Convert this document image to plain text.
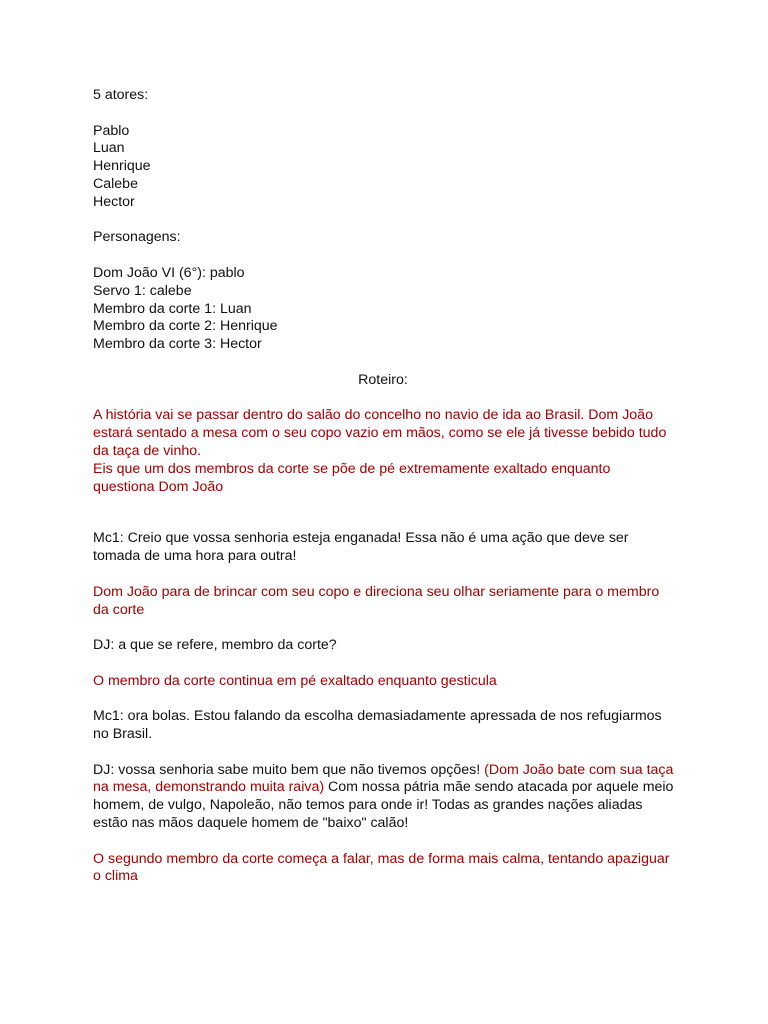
5 atores:

Pablo

Luan

Henrique

Calebe

Hector

Personagens:

Dom João VI (6°): pablo

Servo 1: calebe

Membro da corte 1: Luan

Membro da corte 2: Henrique

Membro da corte 3: Hector

Roteiro:

A história vai se passar dentro do salão do concelho no navio de ida ao Brasil. Dom João
estará sentado a mesa com o seu copo vazio em mãos, como se ele já tivesse bebido tudo
da taça de vinho.
Eis que um dos membros da corte se põe de pé extremamente exaltado enquanto
questiona Dom João
Mc1: Creio que vossa senhoria esteja enganada! Essa não é uma ação que deve ser
tomada de uma hora para outra!
Dom João para de brincar com seu copo e direciona seu olhar seriamente para o membro
da corte

DJ: a que se refere, membro da corte?

O membro da corte continua em pé exaltado enquanto gesticula

Mc1: ora bolas. Estou falando da escolha demasiadamente apressada de nos refugiarmos
no Brasil.
DJ: vossa senhoria sabe muito bem que não tivemos opções! (Dom João bate com sua taça
na mesa, demonstrando muita raiva) Com nossa pátria mãe sendo atacada por aquele meio
homem, de vulgo, Napoleão, não temos para onde ir! Todas as grandes nações aliadas
estão nas mãos daquele homem de "baixo" calão!
O segundo membro da corte começa a falar, mas de forma mais calma, tentando apaziguar
o clima
